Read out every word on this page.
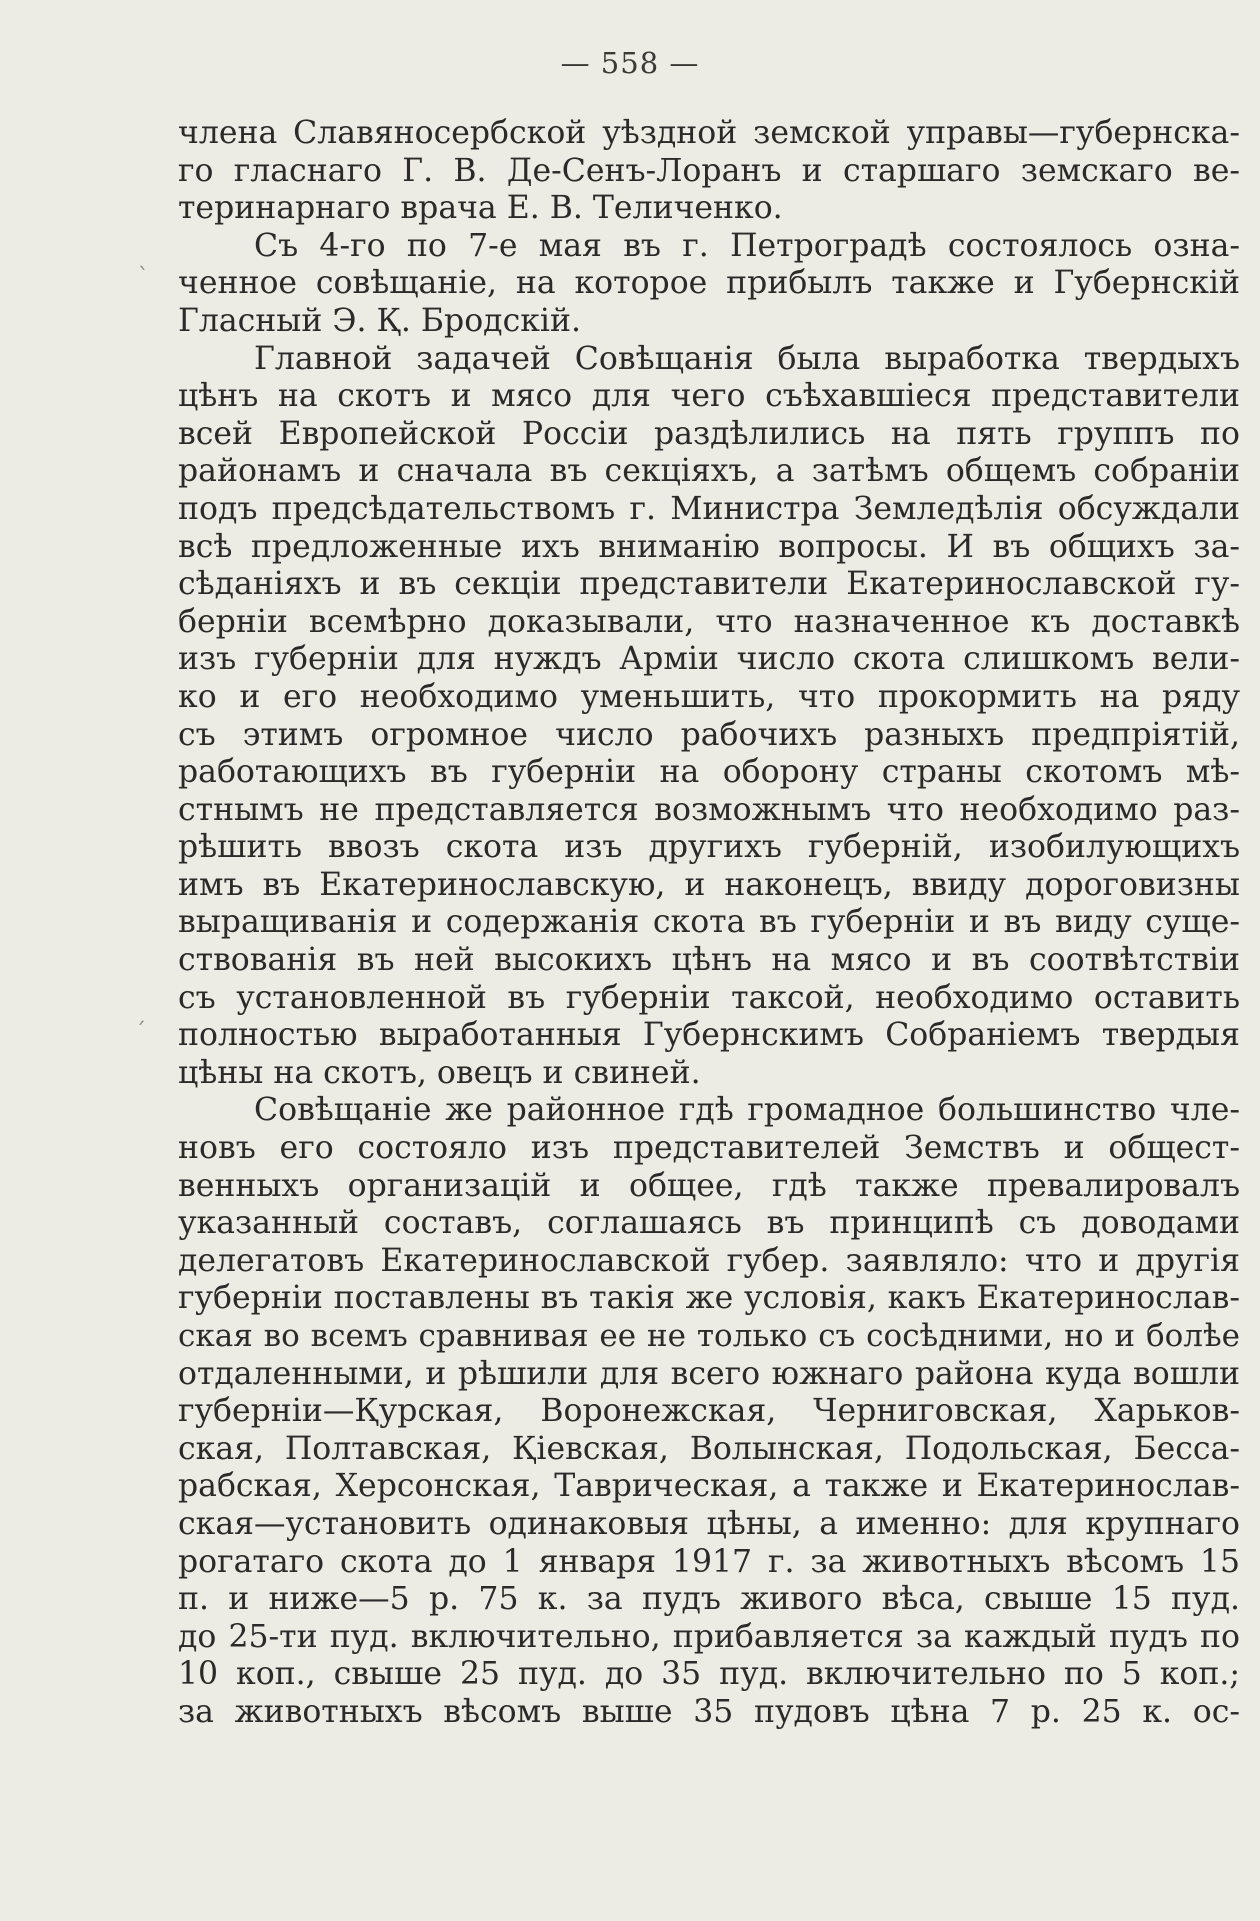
— 558 —
члена Славяносербской уѣздной земской управы—губернска-
го гласнаго Г. В. Де-Сенъ-Лоранъ и старшаго земскаго ве-
теринарнаго врача Е. В. Теличенко.
Съ 4-го по 7-е мая въ г. Петроградѣ состоялось озна-
ченное совѣщаніе, на которое прибылъ также и Губернскій
Гласный Э. Қ. Бродскій.
Главной задачей Совѣщанія была выработка твердыхъ
цѣнъ на скотъ и мясо для чего съѣхавшіеся представители
всей Европейской Россіи раздѣлились на пять группъ по
районамъ и сначала въ секціяхъ, а затѣмъ общемъ собраніи
подъ предсѣдательствомъ г. Министра Земледѣлія обсуждали
всѣ предложенные ихъ вниманію вопросы. И въ общихъ за-
сѣданіяхъ и въ секціи представители Екатеринославской гу-
берніи всемѣрно доказывали, что назначенное къ доставкѣ
изъ губерніи для нуждъ Арміи число скота слишкомъ вели-
ко и его необходимо уменьшить, что прокормить на ряду
съ этимъ огромное число рабочихъ разныхъ предпріятій,
работающихъ въ губерніи на оборону страны скотомъ мѣ-
стнымъ не представляется возможнымъ что необходимо раз-
рѣшить ввозъ скота изъ другихъ губерній, изобилующихъ
имъ въ Екатеринославскую, и наконецъ, ввиду дороговизны
выращиванія и содержанія скота въ губерніи и въ виду суще-
ствованія въ ней высокихъ цѣнъ на мясо и въ соотвѣтствіи
съ установленной въ губерніи таксой, необходимо оставить
полностью выработанныя Губернскимъ Собраніемъ твердыя
цѣны на скотъ, овецъ и свиней.
Совѣщаніе же районное гдѣ громадное большинство чле-
новъ его состояло изъ представителей Земствъ и общест-
венныхъ организацій и общее, гдѣ также превалировалъ
указанный составъ, соглашаясь въ принципѣ съ доводами
делегатовъ Екатеринославской губер. заявляло: что и другія
губерніи поставлены въ такія же условія, какъ Екатеринослав-
ская во всемъ сравнивая ее не только съ сосѣдними, но и болѣе
отдаленными, и рѣшили для всего южнаго района куда вошли
губерніи—Қурская, Воронежская, Черниговская, Харьков-
ская, Полтавская, Қіевская, Волынская, Подольская, Бесса-
рабская, Херсонская, Таврическая, а также и Екатеринослав-
ская—установить одинаковыя цѣны, а именно: для крупнаго
рогатаго скота до 1 января 1917 г. за животныхъ вѣсомъ 15
п. и ниже—5 р. 75 к. за пудъ живого вѣса, свыше 15 пуд.
до 25-ти пуд. включительно, прибавляется за каждый пудъ по
10 коп., свыше 25 пуд. до 35 пуд. включительно по 5 коп.;
за животныхъ вѣсомъ выше 35 пудовъ цѣна 7 р. 25 к. ос-
ˋ
ˊ
